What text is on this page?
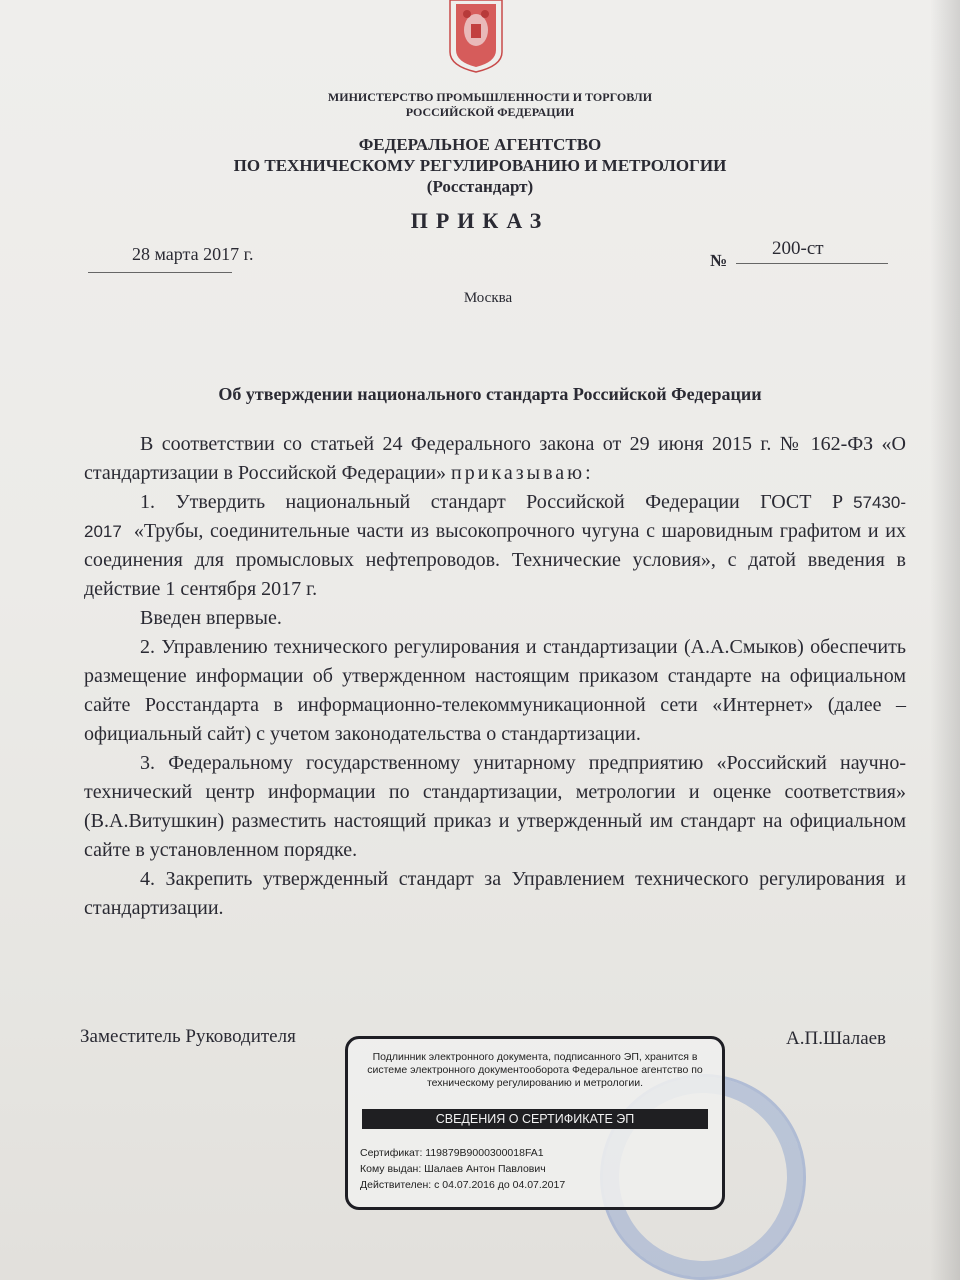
МИНИСТЕРСТВО ПРОМЫШЛЕННОСТИ И ТОРГОВЛИ
РОССИЙСКОЙ ФЕДЕРАЦИИ
ФЕДЕРАЛЬНОЕ АГЕНТСТВО
ПО ТЕХНИЧЕСКОМУ РЕГУЛИРОВАНИЮ И МЕТРОЛОГИИ
(Росстандарт)
ПРИКАЗ
28 марта 2017 г.	№
200-ст
Москва
Об утверждении национального стандарта Российской Федерации

В соответствии со статьей 24 Федерального закона от 29 июня 2015 г. № 162-ФЗ «О стандартизации в Российской Федерации» приказываю:

1. Утвердить национальный стандарт Российской Федерации ГОСТ Р 57430-2017 «Трубы, соединительные части из высокопрочного чугуна с шаровидным графитом и их соединения для промысловых нефтепроводов. Технические условия», с датой введения в действие 1 сентября 2017 г.

Введен впервые.

2. Управлению технического регулирования и стандартизации (А.А.Смыков) обеспечить размещение информации об утвержденном настоящим приказом стандарте на официальном сайте Росстандарта в информационно-телекоммуникационной сети «Интернет» (далее – официальный сайт) с учетом законодательства о стандартизации.

3. Федеральному государственному унитарному предприятию «Российский научно-технический центр информации по стандартизации, метрологии и оценке соответствия» (В.А.Витушкин) разместить настоящий приказ и утвержденный им стандарт на официальном сайте в установленном порядке.

4. Закрепить утвержденный стандарт за Управлением технического регулирования и стандартизации.

Заместитель Руководителя	А.П.Шалаев
Подлинник электронного документа, подписанного ЭП, хранится в системе электронного документооборота Федеральное агентство по техническому регулированию и метрологии.
СВЕДЕНИЯ О СЕРТИФИКАТЕ ЭП
Сертификат: 119879B9000300018FA1
Кому выдан: Шалаев Антон Павлович
Действителен: с 04.07.2016 до 04.07.2017
